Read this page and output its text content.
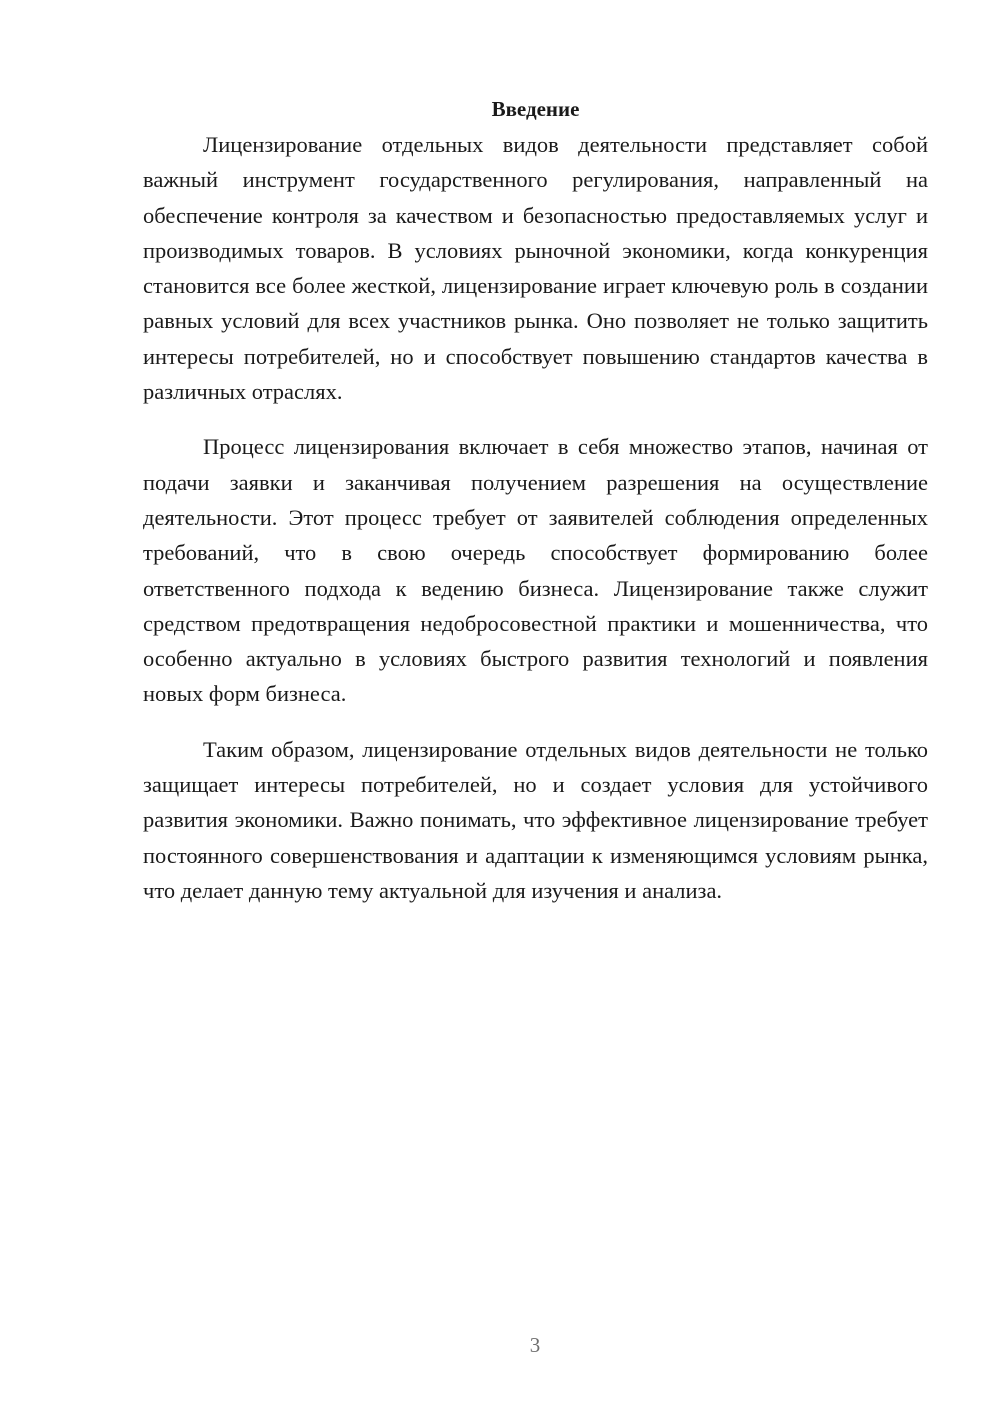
Введение

Лицензирование отдельных видов деятельности представляет собой важный инструмент государственного регулирования, направленный на обеспечение контроля за качеством и безопасностью предоставляемых услуг и производимых товаров. В условиях рыночной экономики, когда конкуренция становится все более жесткой, лицензирование играет ключевую роль в создании равных условий для всех участников рынка. Оно позволяет не только защитить интересы потребителей, но и способствует повышению стандартов качества в различных отраслях.

Процесс лицензирования включает в себя множество этапов, начиная от подачи заявки и заканчивая получением разрешения на осуществление деятельности. Этот процесс требует от заявителей соблюдения определенных требований, что в свою очередь способствует формированию более ответственного подхода к ведению бизнеса. Лицензирование также служит средством предотвращения недобросовестной практики и мошенничества, что особенно актуально в условиях быстрого развития технологий и появления новых форм бизнеса.

Таким образом, лицензирование отдельных видов деятельности не только защищает интересы потребителей, но и создает условия для устойчивого развития экономики. Важно понимать, что эффективное лицензирование требует постоянного совершенствования и адаптации к изменяющимся условиям рынка, что делает данную тему актуальной для изучения и анализа.

3
